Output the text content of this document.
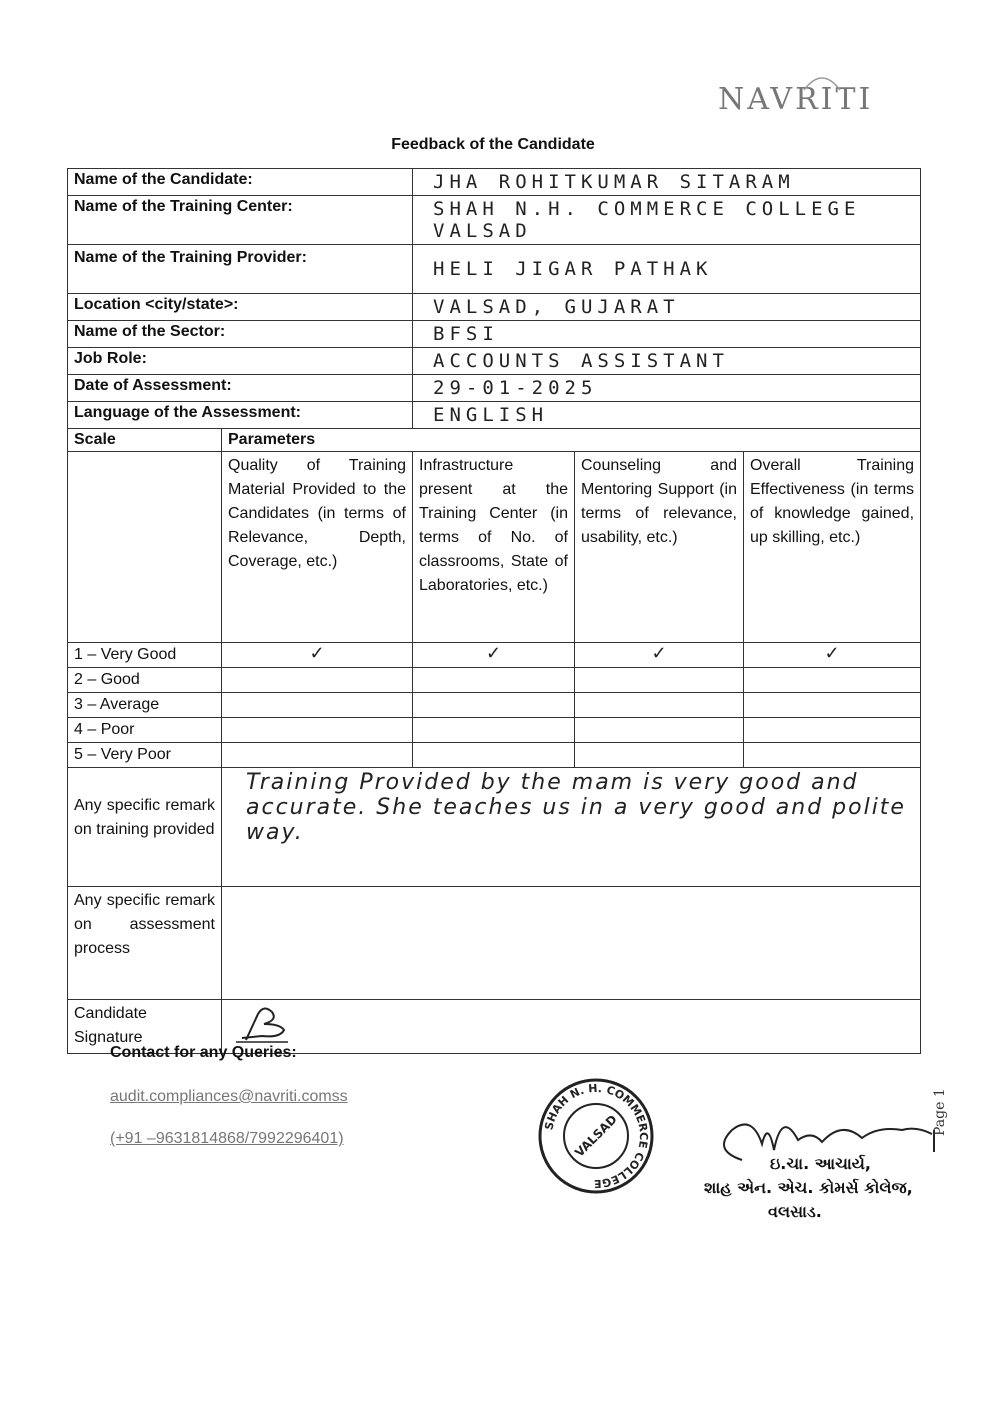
NAVRITI
Feedback of the Candidate
Name of the Candidate:		JHA ROHITKUMAR SITARAM		
Name of the Training Center:		SHAH N.H. COMMERCE COLLEGE VALSAD		
Name of the Training Provider:		HELI JIGAR PATHAK		
Location <city/state>:		VALSAD, GUJARAT		
Name of the Sector:		BFSI		
Job Role:		ACCOUNTS ASSISTANT		
Date of Assessment:		29-01-2025		
Language of the Assessment:		ENGLISH		
Scale	Parameters			
	Quality of Training Material Provided to the Candidates (in terms of Relevance, Depth, Coverage, etc.)	Infrastructure present at the Training Center (in terms of No. of classrooms, State of Laboratories, etc.)	Counseling and Mentoring Support (in terms of relevance, usability, etc.)	Overall Training Effectiveness (in terms of knowledge gained, up skilling, etc.)
1 – Very Good	✓	✓	✓	✓
2 – Good				
3 – Average				
4 – Poor				
5 – Very Poor				
Any specific remark on training provided	Training Provided by the mam is very good and accurate. She teaches us in a very good and polite way.			
Any specific remark on assessment process				
Candidate Signature	
Contact for any Queries:
audit.compliances@navriti.comss
(+91 –9631814868/7992296401)
SHAH N. H. COMMERCE COLLEGE
VALSAD
ઇ.ચા. આચાર્ય,
શાહ એન. એચ. કોમર્સ કોલેજ,
વલસાડ.
Page 1
